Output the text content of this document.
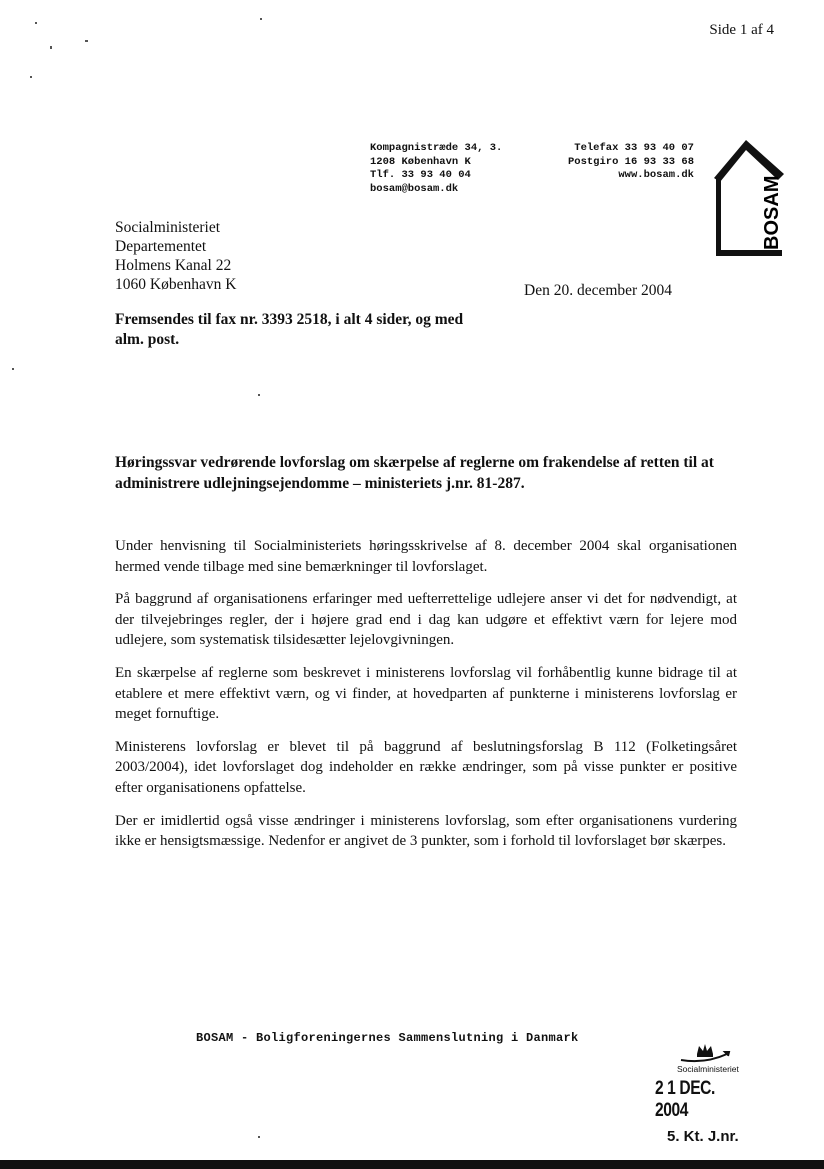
Side 1 af 4
Kompagnistræde 34, 3.
1208 København K
Tlf. 33 93 40 04
bosam@bosam.dk
Telefax 33 93 40 07
Postgiro 16 93 33 68
www.bosam.dk
BOSAM
Socialministeriet
Departementet
Holmens Kanal 22
1060 København K	Den 20. december 2004
Fremsendes til fax nr. 3393 2518, i alt 4 sider, og med alm. post.
Høringssvar vedrørende lovforslag om skærpelse af reglerne om frakendelse af retten til at administrere udlejningsejendomme – ministeriets j.nr. 81-287.

Under henvisning til Socialministeriets høringsskrivelse af 8. december 2004 skal organisationen hermed vende tilbage med sine bemærkninger til lovforslaget.

På baggrund af organisationens erfaringer med uefterrettelige udlejere anser vi det for nødvendigt, at der tilvejebringes regler, der i højere grad end i dag kan udgøre et effektivt værn for lejere mod udlejere, som systematisk tilsidesætter lejelovgivningen.

En skærpelse af reglerne som beskrevet i ministerens lovforslag vil forhåbentlig kunne bidrage til at etablere et mere effektivt værn, og vi finder, at hovedparten af punkterne i ministerens lovforslag er meget fornuftige.

Ministerens lovforslag er blevet til på baggrund af beslutningsforslag B 112 (Folketingsåret 2003/2004), idet lovforslaget dog indeholder en række ændringer, som på visse punkter er positive efter organisationens opfattelse.

Der er imidlertid også visse ændringer i ministerens lovforslag, som efter organisationens vurdering ikke er hensigtsmæssige. Nedenfor er angivet de 3 punkter, som i forhold til lovforslaget bør skærpes.

BOSAM - Boligforeningernes Sammenslutning i Danmark
Socialministeriet
2 1 DEC. 2004
5. Kt. J.nr.
